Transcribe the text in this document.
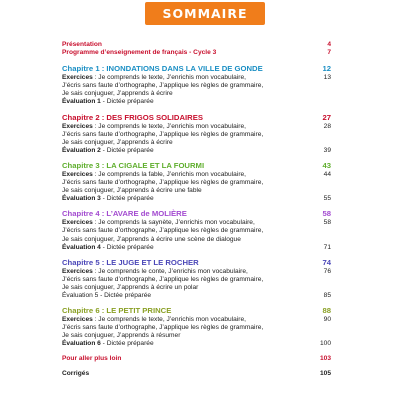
SOMMAIRE
Présentation	4
Programme d’enseignement de français - Cycle 3	7
Chapitre 1 : INONDATIONS DANS LA VILLE DE GONDE	12
Exercices : Je comprends le texte, J’enrichis mon vocabulaire,	13
J’écris sans faute d’orthographe, J’applique les règles de grammaire,
Je sais conjuguer, J’apprends à écrire
Évaluation 1 - Dictée préparée
Chapitre 2 : DES FRIGOS SOLIDAIRES	27
Exercices : Je comprends le texte, J’enrichis mon vocabulaire,	28
J’écris sans faute d’orthographe, J’applique les règles de grammaire,
Je sais conjuguer, J’apprends à écrire
Évaluation 2 - Dictée préparée	39
Chapitre 3 : LA CIGALE ET LA FOURMI	43
Exercices : Je comprends la fable, J’enrichis mon vocabulaire,	44
J’écris sans faute d’orthographe, J’applique les règles de grammaire,
Je sais conjuguer, J’apprends à écrire une fable
Évaluation 3 - Dictée préparée	55
Chapitre 4 : L’AVARE de MOLIÈRE	58
Exercices : Je comprends la saynète, J’enrichis mon vocabulaire,	58
J’écris sans faute d’orthographe, J’applique les règles de grammaire,
Je sais conjuguer, J’apprends à écrire une scène de dialogue
Évaluation 4 - Dictée préparée	71
Chapitre 5 : LE JUGE ET LE ROCHER	74
Exercices : Je comprends le conte, J’enrichis mon vocabulaire,	76
J’écris sans faute d’orthographe, J’applique les règles de grammaire,
Je sais conjuguer, J’apprends à écrire un polar
Évaluation 5 - Dictée préparée	85
Chapitre 6 : LE PETIT PRINCE	88
Exercices : Je comprends le texte, J’enrichis mon vocabulaire,	90
J’écris sans faute d’orthographe, J’applique les règles de grammaire,
Je sais conjuguer, J’apprends à résumer
Évaluation 6 - Dictée préparée	100
Pour aller plus loin	103
Corrigés	105
